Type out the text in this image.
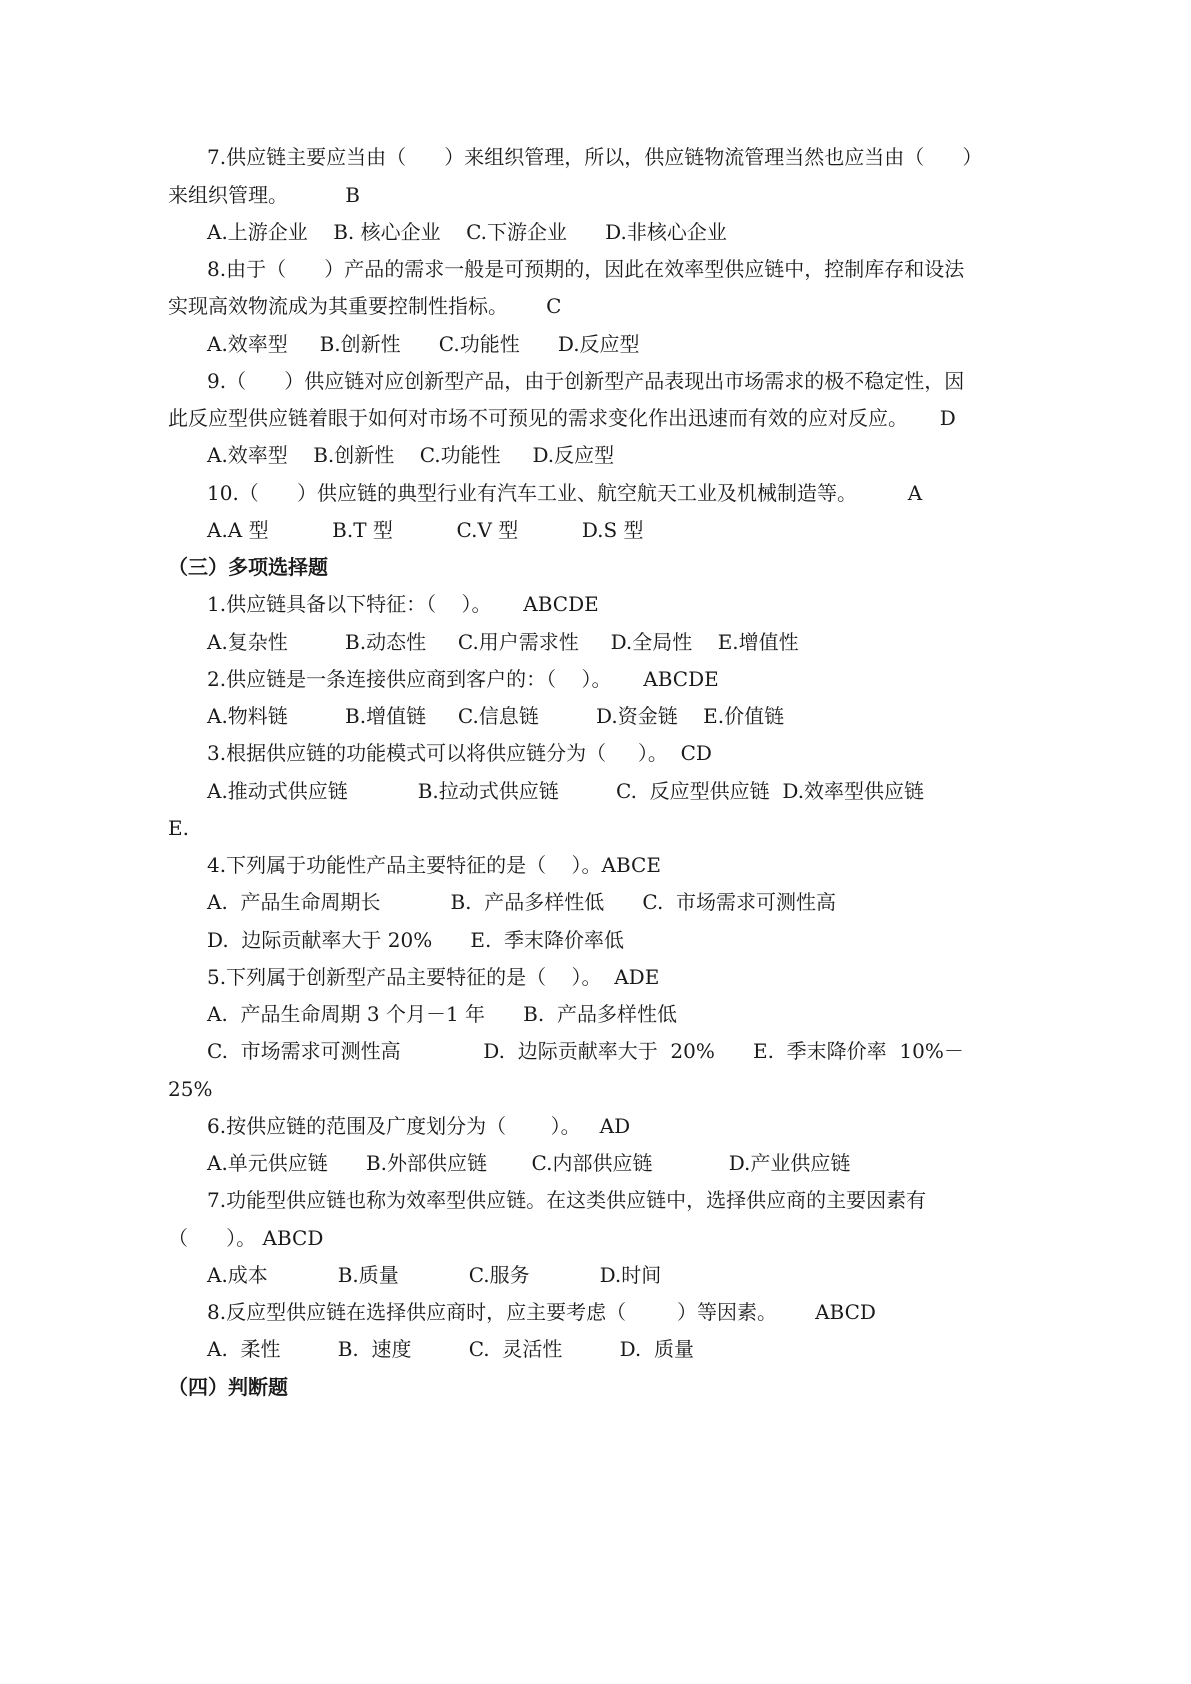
7.供应链主要应当由（      ）来组织管理，所以，供应链物流管理当然也应当由（      ）
来组织管理。         B
A.上游企业    B. 核心企业    C.下游企业      D.非核心企业
8.由于（      ）产品的需求一般是可预期的，因此在效率型供应链中，控制库存和设法
实现高效物流成为其重要控制性指标。      C
A.效率型     B.创新性      C.功能性      D.反应型
9.（      ）供应链对应创新型产品，由于创新型产品表现出市场需求的极不稳定性，因
此反应型供应链着眼于如何对市场不可预见的需求变化作出迅速而有效的应对反应。     D
A.效率型    B.创新性    C.功能性     D.反应型
10.（      ）供应链的典型行业有汽车工业、航空航天工业及机械制造等。        A
A.A 型          B.T 型          C.V 型          D.S 型
（三）多项选择题
1.供应链具备以下特征：（    ）。     ABCDE
A.复杂性         B.动态性     C.用户需求性     D.全局性    E.增值性
2.供应链是一条连接供应商到客户的：（    ）。     ABCDE
A.物料链         B.增值链     C.信息链         D.资金链    E.价值链
3.根据供应链的功能模式可以将供应链分为（     ）。  CD
A.推动式供应链           B.拉动式供应链         C.  反应型供应链  D.效率型供应链
E.
4.下列属于功能性产品主要特征的是（    ）。ABCE
A.  产品生命周期长           B.  产品多样性低      C.  市场需求可测性高
D.  边际贡献率大于 20%      E.  季末降价率低
5.下列属于创新型产品主要特征的是（    ）。  ADE
A.  产品生命周期 3 个月－1 年      B.  产品多样性低
C.  市场需求可测性高             D.  边际贡献率大于  20%      E.  季末降价率  10%－
25%
6.按供应链的范围及广度划分为（       ）。   AD
A.单元供应链      B.外部供应链       C.内部供应链            D.产业供应链
7.功能型供应链也称为效率型供应链。在这类供应链中，选择供应商的主要因素有
（      ）。 ABCD
A.成本           B.质量           C.服务           D.时间
8.反应型供应链在选择供应商时，应主要考虑（        ）等因素。      ABCD
A.  柔性         B.  速度         C.  灵活性         D.  质量
（四）判断题
